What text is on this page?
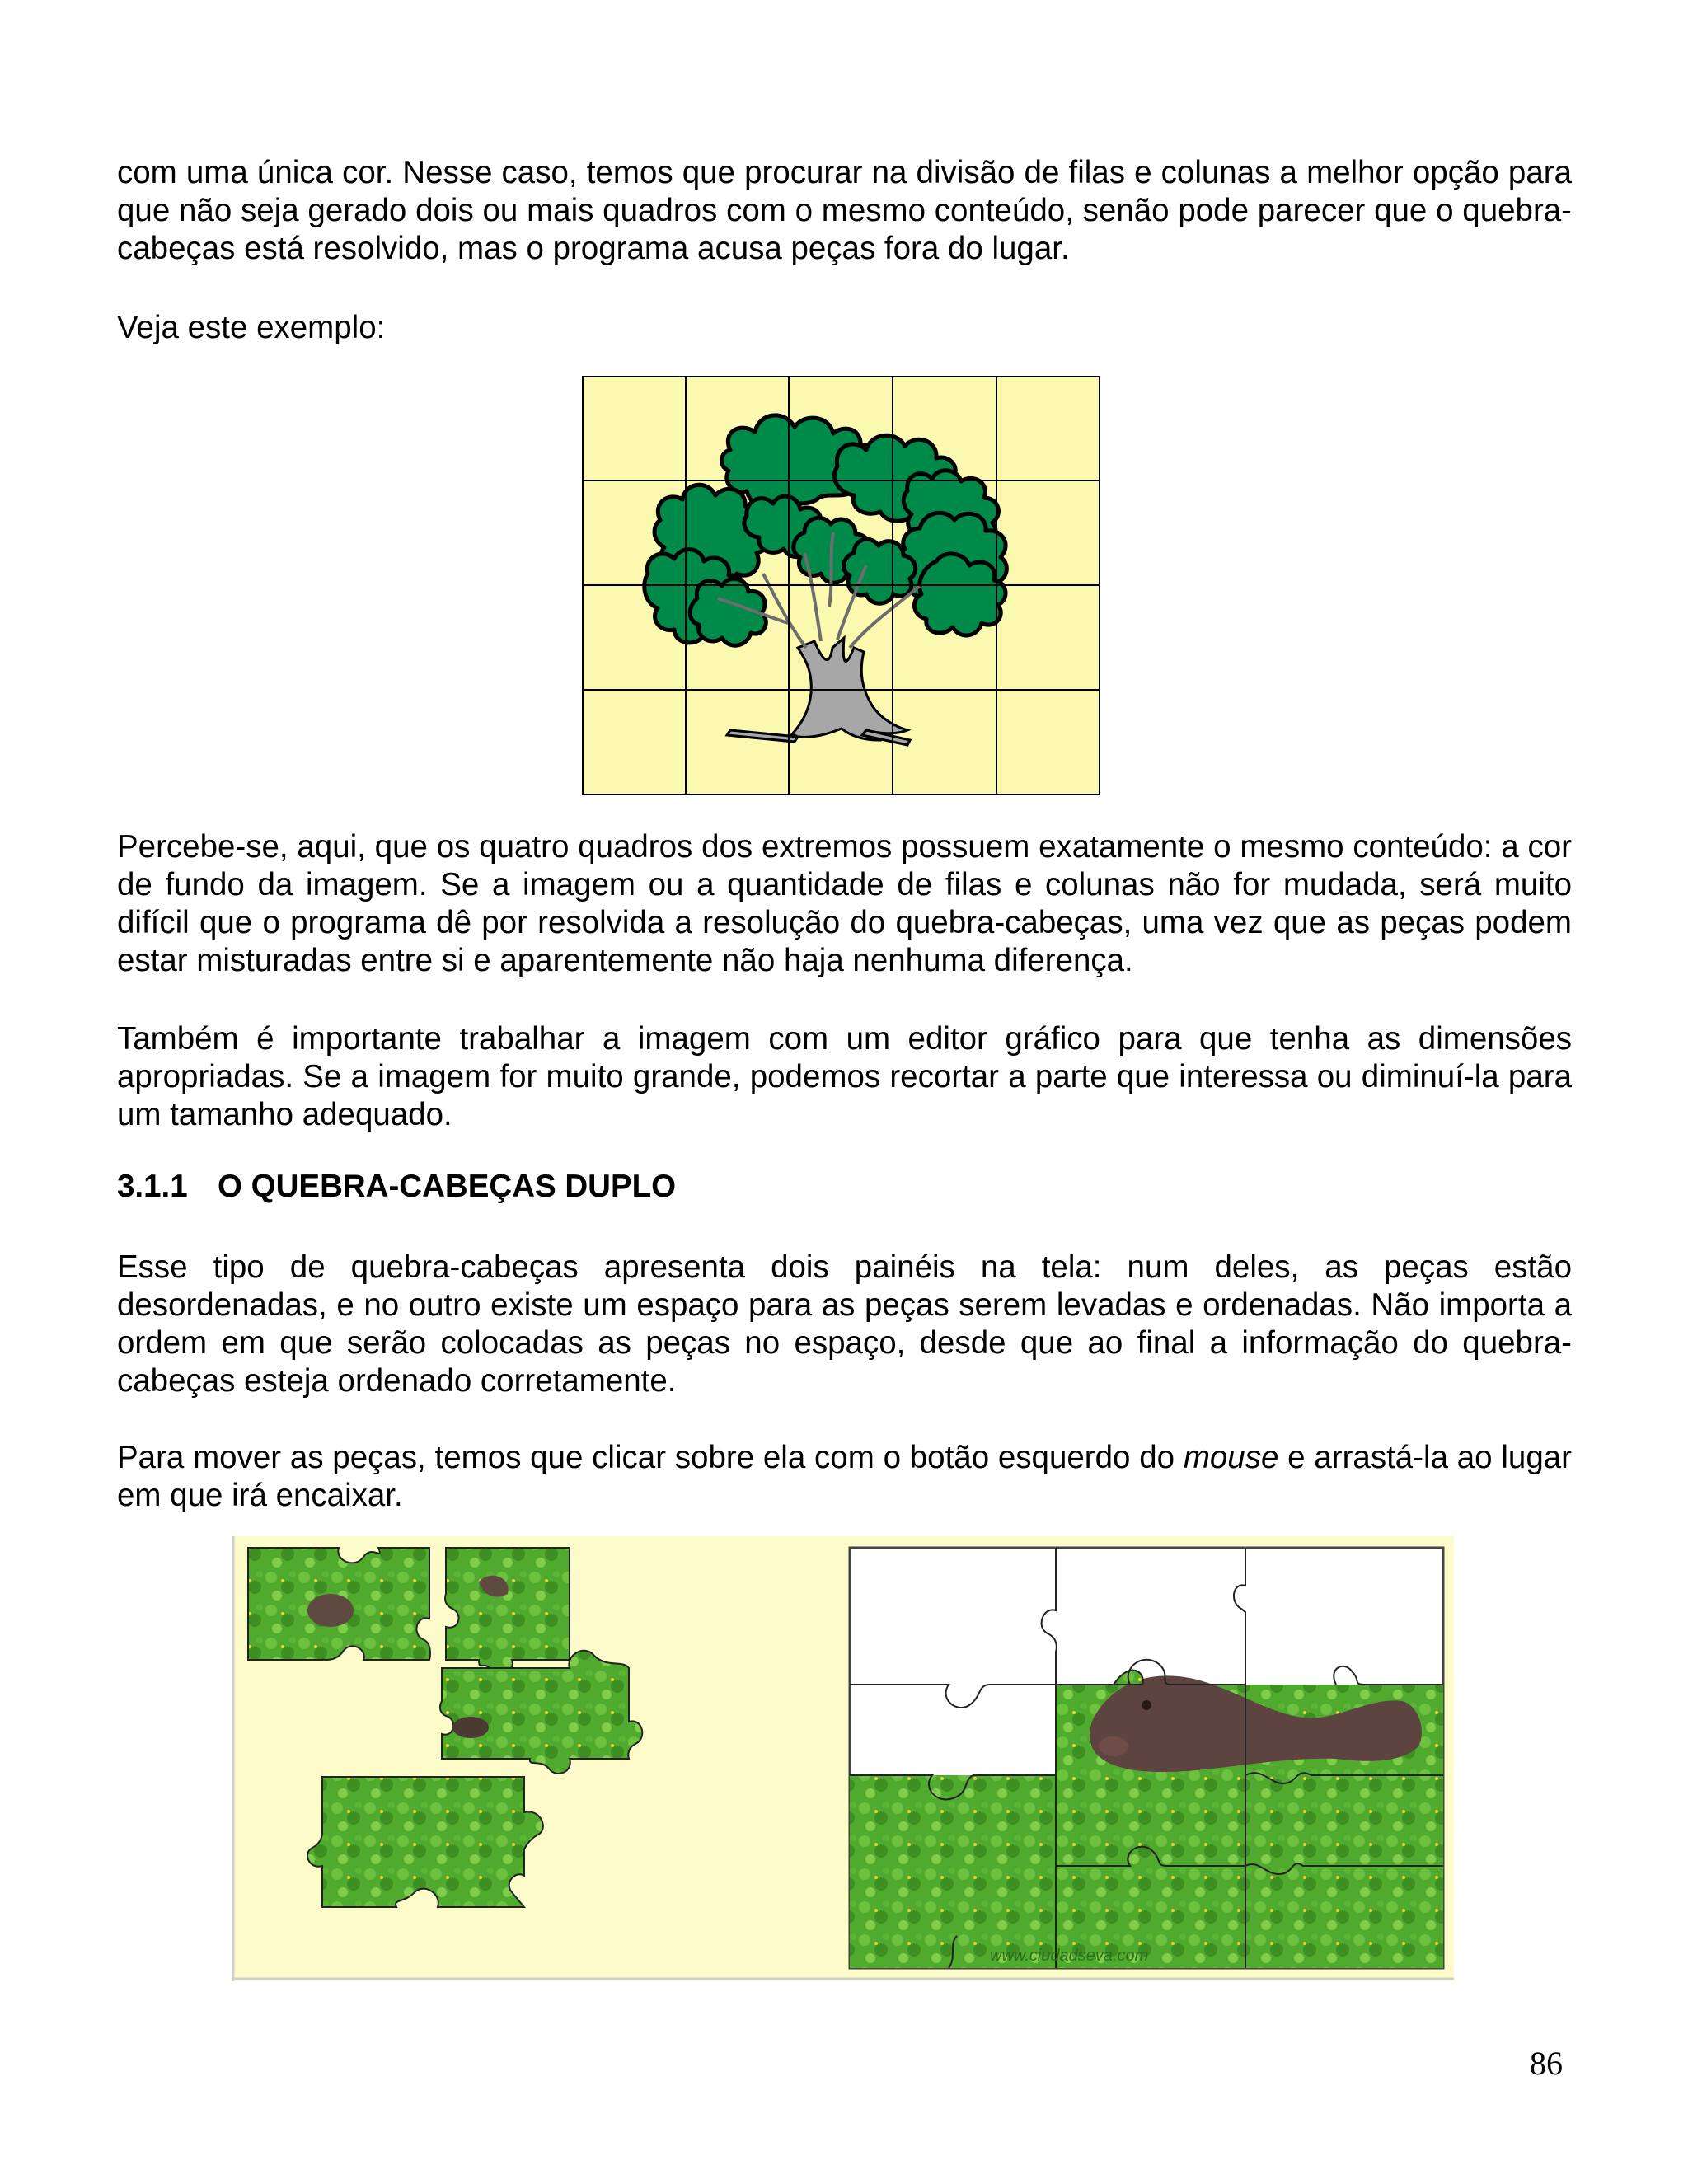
com uma única cor. Nesse caso, temos que procurar na divisão de filas e colunas a melhor opção para que não seja gerado dois ou mais quadros com o mesmo conteúdo, senão pode parecer que o quebra-cabeças está resolvido, mas o programa acusa peças fora do lugar.

Veja este exemplo:

Percebe-se, aqui, que os quatro quadros dos extremos possuem exatamente o mesmo conteúdo: a cor de fundo da imagem. Se a imagem ou a quantidade de filas e colunas não for mudada, será muito difícil que o programa dê por resolvida a resolução do quebra-cabeças, uma vez que as peças podem estar misturadas entre si e aparentemente não haja nenhuma diferença.

Também é importante trabalhar a imagem com um editor gráfico para que tenha as dimensões apropriadas. Se a imagem for muito grande, podemos recortar a parte que interessa ou diminuí-la para um tamanho adequado.

3.1.1 O QUEBRA-CABEÇAS DUPLO

Esse tipo de quebra-cabeças apresenta dois painéis na tela: num deles, as peças estão desordenadas, e no outro existe um espaço para as peças serem levadas e ordenadas. Não importa a ordem em que serão colocadas as peças no espaço, desde que ao final a informação do quebra-cabeças esteja ordenado corretamente.

Para mover as peças, temos que clicar sobre ela com o botão esquerdo do mouse e arrastá-la ao lugar em que irá encaixar.

www.ciudadseva.com
86
